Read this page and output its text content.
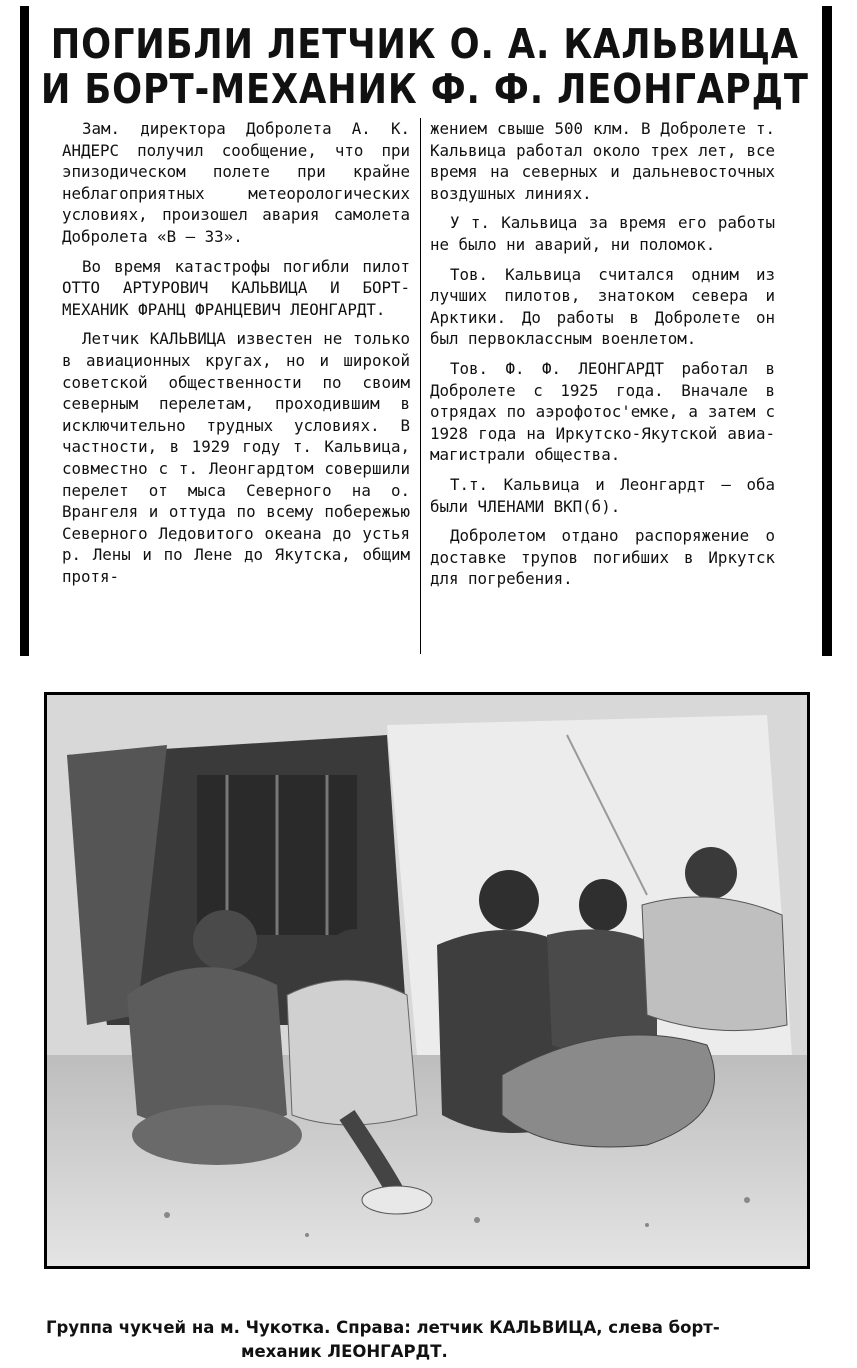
ПОГИБЛИ ЛЕТЧИК О. А. КАЛЬВИЦА
И БОРТ-МЕХАНИК Ф. Ф. ЛЕОНГАРДТ

Зам. директора Добролета А. К. АНДЕРС получил сообщение, что при эпизодическом полете при крайне неблагоприятных метеорологических условиях, произошел авария самолета Добролета «В — 33».

Во время катастрофы погибли пилот ОТТО АРТУРОВИЧ КАЛЬВИЦА И БОРТ-МЕХАНИК ФРАНЦ ФРАНЦЕВИЧ ЛЕОНГАРДТ.

Летчик КАЛЬВИЦА известен не только в авиационных кругах, но и широкой советской общественности по своим северным перелетам, проходившим в исключительно трудных условиях. В частности, в 1929 году т. Кальвица, совместно с т. Леонгардтом совершили перелет от мыса Северного на о. Врангеля и оттуда по всему побережью Северного Ледовитого океана до устья р. Лены и по Лене до Якутска, общим протя-

жением свыше 500 клм. В Добролете т. Кальвица работал около трех лет, все время на северных и дальневосточных воздушных линиях.

У т. Кальвица за время его работы не было ни аварий, ни поломок.

Тов. Кальвица считался одним из лучших пилотов, знатоком севера и Арктики. До работы в Добролете он был первоклассным военлетом.

Тов. Ф. Ф. ЛЕОНГАРДТ работал в Добролете с 1925 года. Вначале в отрядах по аэрофотос'емке, а затем с 1928 года на Иркутско-Якутской авиа-магистрали общества.

Т.т. Кальвица и Леонгардт — оба были ЧЛЕНАМИ ВКП(б).

Добролетом отдано распоряжение о доставке трупов погибших в Иркутск для погребения.

Группа чукчей на м. Чукотка. Справа: летчик КАЛЬВИЦА, слева борт-
механик ЛЕОНГАРДТ.
